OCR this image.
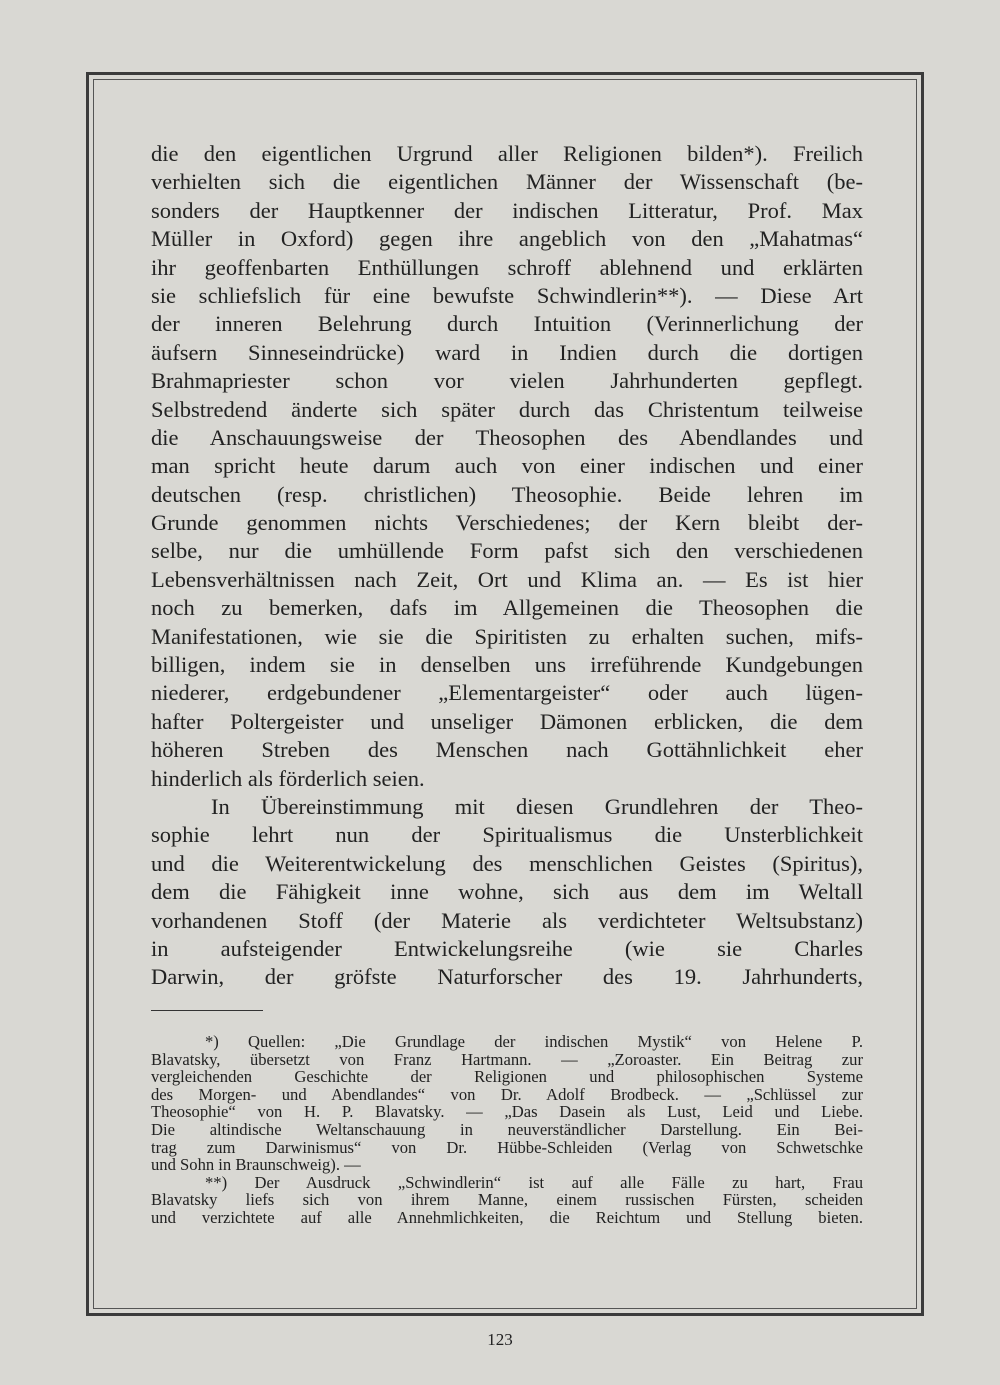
die den eigentlichen Urgrund aller Religionen bilden*). Freilich
verhielten sich die eigentlichen Männer der Wissenschaft (be-
sonders der Hauptkenner der indischen Litteratur, Prof. Max
Müller in Oxford) gegen ihre angeblich von den „Mahatmas“
ihr geoffenbarten Enthüllungen schroff ablehnend und erklärten
sie schliefslich für eine bewufste Schwindlerin**). — Diese Art
der inneren Belehrung durch Intuition (Verinnerlichung der
äufsern Sinneseindrücke) ward in Indien durch die dortigen
Brahmapriester schon vor vielen Jahrhunderten gepflegt.
Selbstredend änderte sich später durch das Christentum teilweise
die Anschauungsweise der Theosophen des Abendlandes und
man spricht heute darum auch von einer indischen und einer
deutschen (resp. christlichen) Theosophie. Beide lehren im
Grunde genommen nichts Verschiedenes; der Kern bleibt der-
selbe, nur die umhüllende Form pafst sich den verschiedenen
Lebensverhältnissen nach Zeit, Ort und Klima an. — Es ist hier
noch zu bemerken, dafs im Allgemeinen die Theosophen die
Manifestationen, wie sie die Spiritisten zu erhalten suchen, mifs-
billigen, indem sie in denselben uns irreführende Kundgebungen
niederer, erdgebundener „Elementargeister“ oder auch lügen-
hafter Poltergeister und unseliger Dämonen erblicken, die dem
höheren Streben des Menschen nach Gottähnlichkeit eher
hinderlich als förderlich seien.
In Übereinstimmung mit diesen Grundlehren der Theo-
sophie lehrt nun der Spiritualismus die Unsterblichkeit
und die Weiterentwickelung des menschlichen Geistes (Spiritus),
dem die Fähigkeit inne wohne, sich aus dem im Weltall
vorhandenen Stoff (der Materie als verdichteter Weltsubstanz)
in aufsteigender Entwickelungsreihe (wie sie Charles
Darwin, der gröfste Naturforscher des 19. Jahrhunderts,
*) Quellen: „Die Grundlage der indischen Mystik“ von Helene P.
Blavatsky, übersetzt von Franz Hartmann. — „Zoroaster. Ein Beitrag zur
vergleichenden Geschichte der Religionen und philosophischen Systeme
des Morgen- und Abendlandes“ von Dr. Adolf Brodbeck. — „Schlüssel zur
Theosophie“ von H. P. Blavatsky. — „Das Dasein als Lust, Leid und Liebe.
Die altindische Weltanschauung in neuverständlicher Darstellung. Ein Bei-
trag zum Darwinismus“ von Dr. Hübbe-Schleiden (Verlag von Schwetschke
und Sohn in Braunschweig). —
**) Der Ausdruck „Schwindlerin“ ist auf alle Fälle zu hart, Frau
Blavatsky liefs sich von ihrem Manne, einem russischen Fürsten, scheiden
und verzichtete auf alle Annehmlichkeiten, die Reichtum und Stellung bieten.
123
